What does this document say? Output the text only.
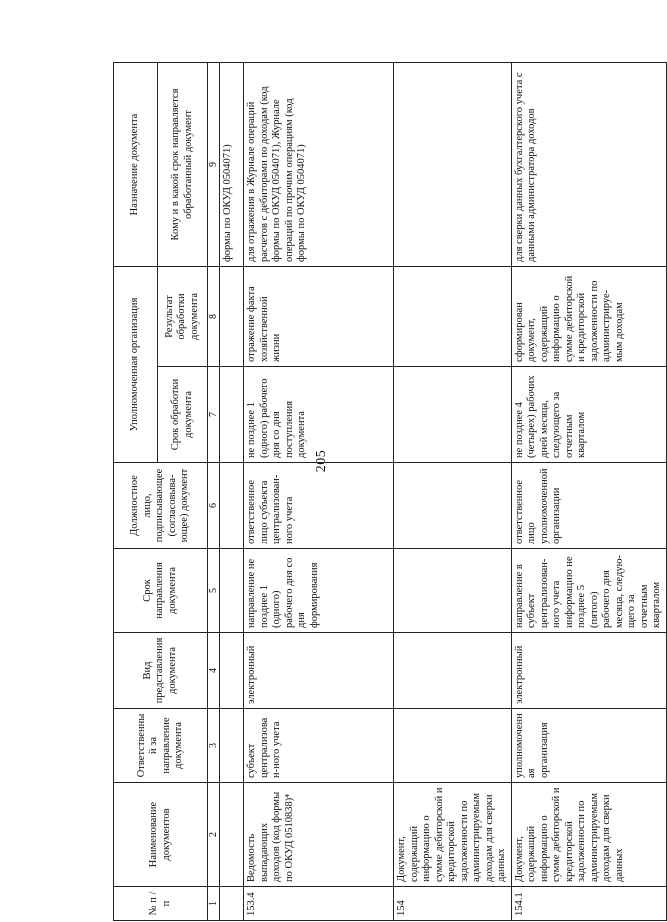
205
№ п / п	Наименование документов	Ответственный за направление документа	Вид представления документа	Срок направления документа	Должностное лицо, подписывающее (согласовыва-ющее) документ	Уполномоченная организация		Назначение документа
						Срок обработки документа	Результат обработки документа	Кому и в какой срок направляется обработанный документ
1	2	3	4	5	6	7	8	9
								формы по ОКУД 0504071)
153.4	Ведомость выпадающих доходов (код формы по ОКУД 0510838)⁴	субъект централизован-ного учета	электронный	направление не позднее 1 (одного) рабочего дня со дня формирования	ответственное лицо субъекта централизован-ного учета	не позднее 1 (одного) рабочего дня со дня поступления документа	отражение факта хозяйственной жизни	для отражения в Журнале операций расчетов с дебиторами по доходам (код формы по ОКУД 0504071), Журнале операций по прочим операциям (код формы по ОКУД 0504071)
154	Документ, содержащий информацию о сумме дебиторской и кредиторской задолженности по администрируемым доходам для сверки данных							
154.1	Документ, содержащий информацию о сумме дебиторской и кредиторской задолженности по администрируемым доходам для сверки данных	уполномоченная организация	электронный	направление в субъект централизован-ного учета информацию не позднее 5 (пятого) рабочего дня месяца, следую-щего за отчетным кварталом	ответственное лицо уполномоченной организации	не позднее 4 (четырех) рабочих дней месяца, следующего за отчетным кварталом	сформирован документ, содержащий информацию о сумме дебиторской и кредиторской задолженности по администрируе-мым доходам	для сверки данных бухгалтерского учета с данными администратора доходов
